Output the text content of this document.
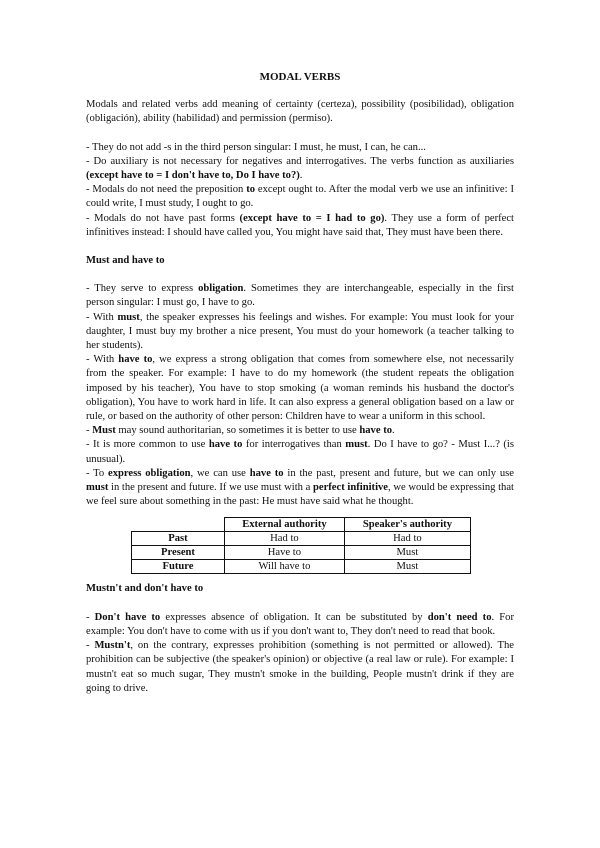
MODAL VERBS

Modals and related verbs add meaning of certainty (certeza), possibility (posibilidad), obligation (obligación), ability (habilidad) and permission (permiso).

- They do not add -s in the third person singular: I must, he must, I can, he can...

- Do auxiliary is not necessary for negatives and interrogatives. The verbs function as auxiliaries (except have to = I don't have to, Do I have to?).

- Modals do not need the preposition to except ought to. After the modal verb we use an infinitive: I could write, I must study, I ought to go.

- Modals do not have past forms (except have to = I had to go). They use a form of perfect infinitives instead: I should have called you, You might have said that, They must have been there.

Must and have to

- They serve to express obligation. Sometimes they are interchangeable, especially in the first person singular: I must go, I have to go.

- With must, the speaker expresses his feelings and wishes. For example: You must look for your daughter, I must buy my brother a nice present, You must do your homework (a teacher talking to her students).

- With have to, we express a strong obligation that comes from somewhere else, not necessarily from the speaker. For example: I have to do my homework (the student repeats the obligation imposed by his teacher), You have to stop smoking (a woman reminds his husband the doctor's obligation), You have to work hard in life. It can also express a general obligation based on a law or rule, or based on the authority of other person: Children have to wear a uniform in this school.

- Must may sound authoritarian, so sometimes it is better to use have to.

- It is more common to use have to for interrogatives than must. Do I have to go? - Must I...? (is unusual).

- To express obligation, we can use have to in the past, present and future, but we can only use must in the present and future. If we use must with a perfect infinitive, we would be expressing that we feel sure about something in the past: He must have said what he thought.

	External authority	Speaker's authority
Past	Had to	Had to
Present	Have to	Must
Future	Will have to	Must

Mustn't and don't have to

- Don't have to expresses absence of obligation. It can be substituted by don't need to. For example: You don't have to come with us if you don't want to, They don't need to read that book.

- Mustn't, on the contrary, expresses prohibition (something is not permitted or allowed). The prohibition can be subjective (the speaker's opinion) or objective (a real law or rule). For example: I mustn't eat so much sugar, They mustn't smoke in the building, People mustn't drink if they are going to drive.
